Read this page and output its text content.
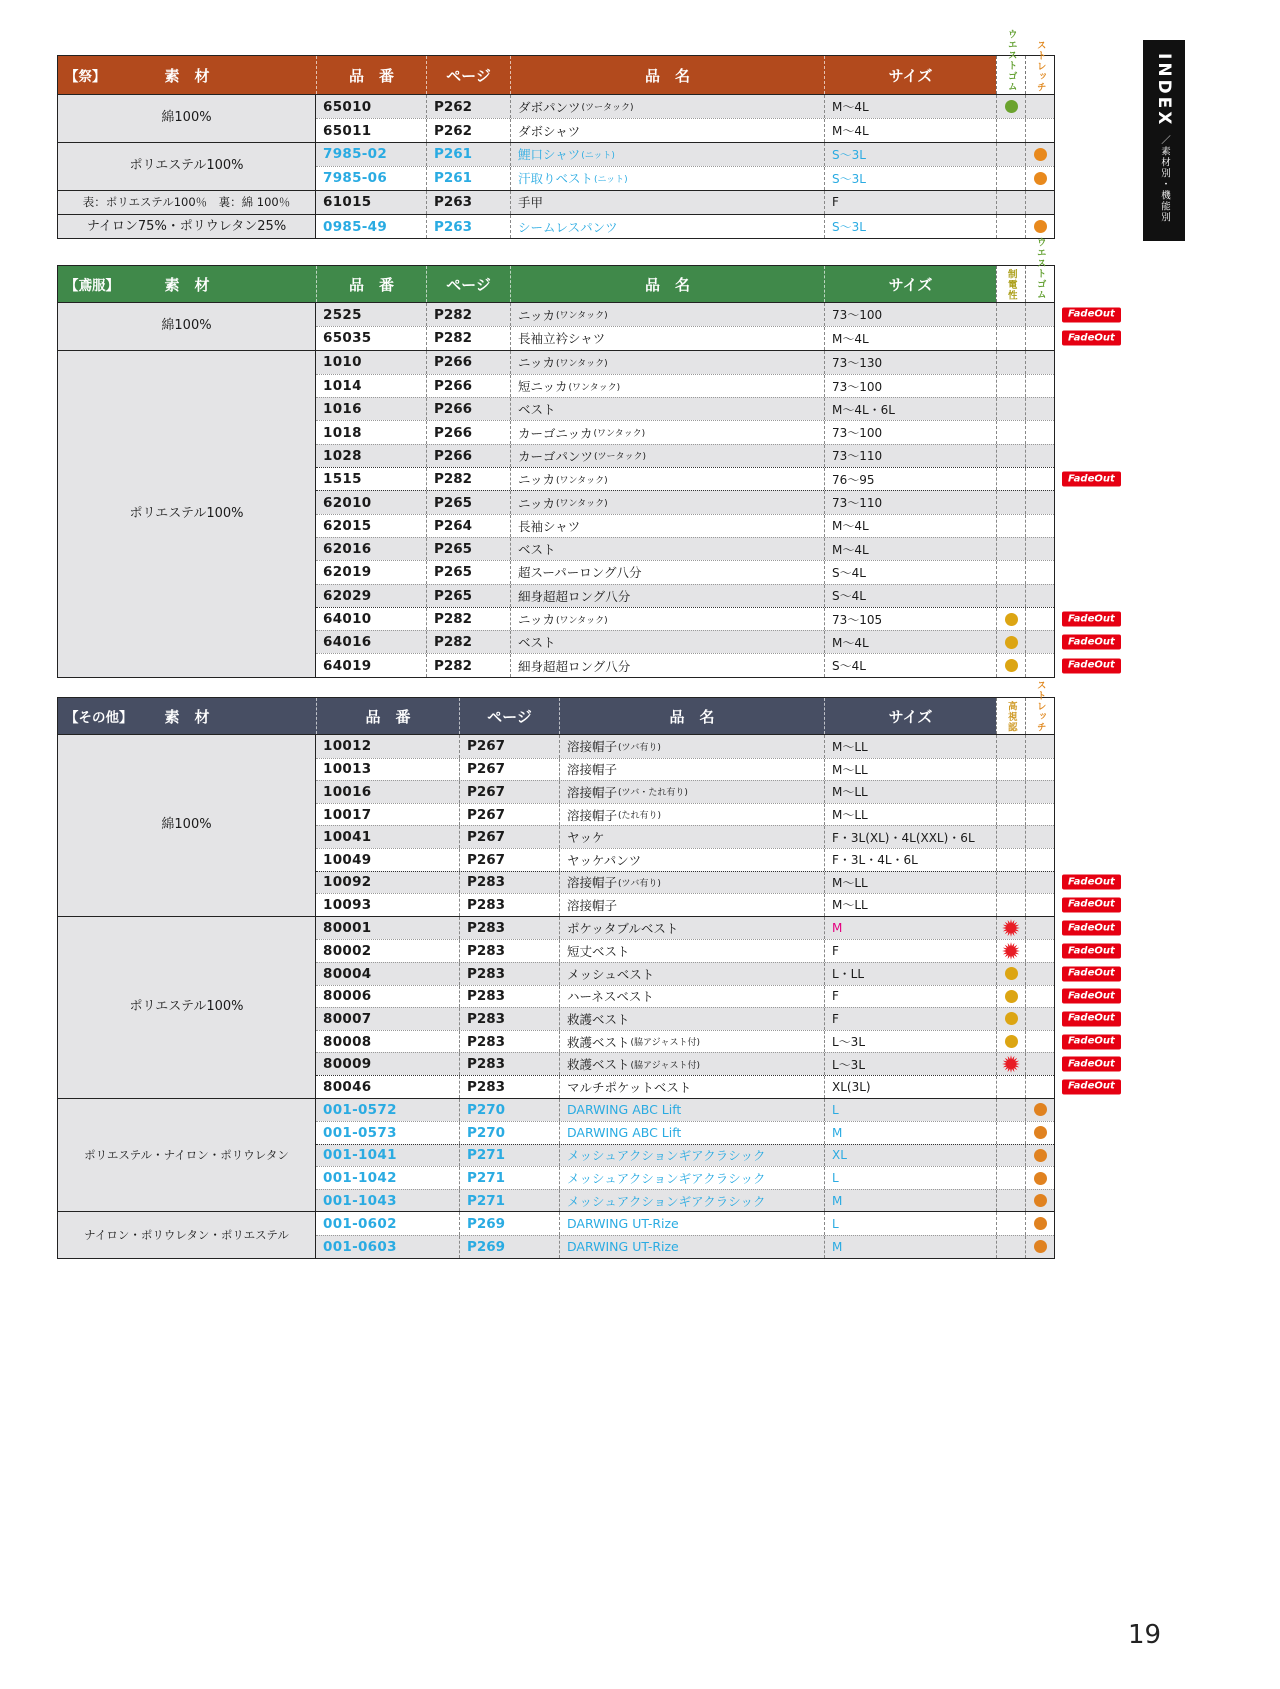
【祭】	素　材	品　番	ページ	品　名	サイズ	ウエストゴム ストレッチ
綿100%
65010	P262	ダボパンツ (ツータック)	M〜4L
65011	P262	ダボシャツ	M〜4L
ポリエステル100%
7985-02	P261	鯉口シャツ (ニット)	S〜3L
7985-06	P261	汗取りベスト (ニット)	S〜3L
表：ポリエステル100％　裏：綿 100％	61015	P263	手甲	F
ナイロン75%・ポリウレタン25%	0985-49	P263	シームレスパンツ	S〜3L
【鳶服】	素　材	品　番	ページ	品　名	サイズ	制電性 ウエストゴム
綿100%
2525	P282	ニッカ (ワンタック)	73〜100	FadeOut
65035	P282	長袖立衿シャツ	M〜4L	FadeOut
ポリエステル100%
1010	P266	ニッカ (ワンタック)	73〜130
1014	P266	短ニッカ (ワンタック)	73〜100
1016	P266	ベスト	M〜4L・6L
1018	P266	カーゴニッカ (ワンタック)	73〜100
1028	P266	カーゴパンツ (ツータック)	73〜110
1515	P282	ニッカ (ワンタック)	76〜95	FadeOut
62010	P265	ニッカ (ワンタック)	73〜110
62015	P264	長袖シャツ	M〜4L
62016	P265	ベスト	M〜4L
62019	P265	超スーパーロング八分	S〜4L
62029	P265	細身超超ロング八分	S〜4L
64010	P282	ニッカ (ワンタック)	73〜105	FadeOut
64016	P282	ベスト	M〜4L	FadeOut
64019	P282	細身超超ロング八分	S〜4L	FadeOut
【その他】 素　材	品　番	ページ	品　名	サイズ	高視認 ストレッチ
綿100%
10012	P267	溶接帽子 (ツバ有り)	M〜LL
10013	P267	溶接帽子	M〜LL
10016	P267	溶接帽子 (ツバ・たれ有り)	M〜LL
10017	P267	溶接帽子 (たれ有り)	M〜LL
10041	P267	ヤッケ	F・3L(XL)・4L(XXL)・6L
10049	P267	ヤッケパンツ	F・3L・4L・6L
10092	P283	溶接帽子 (ツバ有り)	M〜LL	FadeOut
10093	P283	溶接帽子	M〜LL	FadeOut
ポリエステル100%
80001	P283	ポケッタブルベスト	M	FadeOut
80002	P283	短丈ベスト	F	FadeOut
80004	P283	メッシュベスト	L・LL	FadeOut
80006	P283	ハーネスベスト	F	FadeOut
80007	P283	救護ベスト	F	FadeOut
80008	P283	救護ベスト (脇アジャスト付)	L〜3L	FadeOut
80009	P283	救護ベスト (脇アジャスト付)	L〜3L	FadeOut
80046	P283	マルチポケットベスト	XL(3L)	FadeOut
ポリエステル・ナイロン・ポリウレタン
001-0572	P270	DARWING ABC Lift	L
001-0573	P270	DARWING ABC Lift	M
001-1041	P271	メッシュアクションギアクラシック	XL
001-1042	P271	メッシュアクションギアクラシック	L
001-1043	P271	メッシュアクションギアクラシック	M
ナイロン・ポリウレタン・ポリエステル
001-0602	P269	DARWING UT-Rize	L
001-0603	P269	DARWING UT-Rize	M
INDEX／素材別・機能別
19
